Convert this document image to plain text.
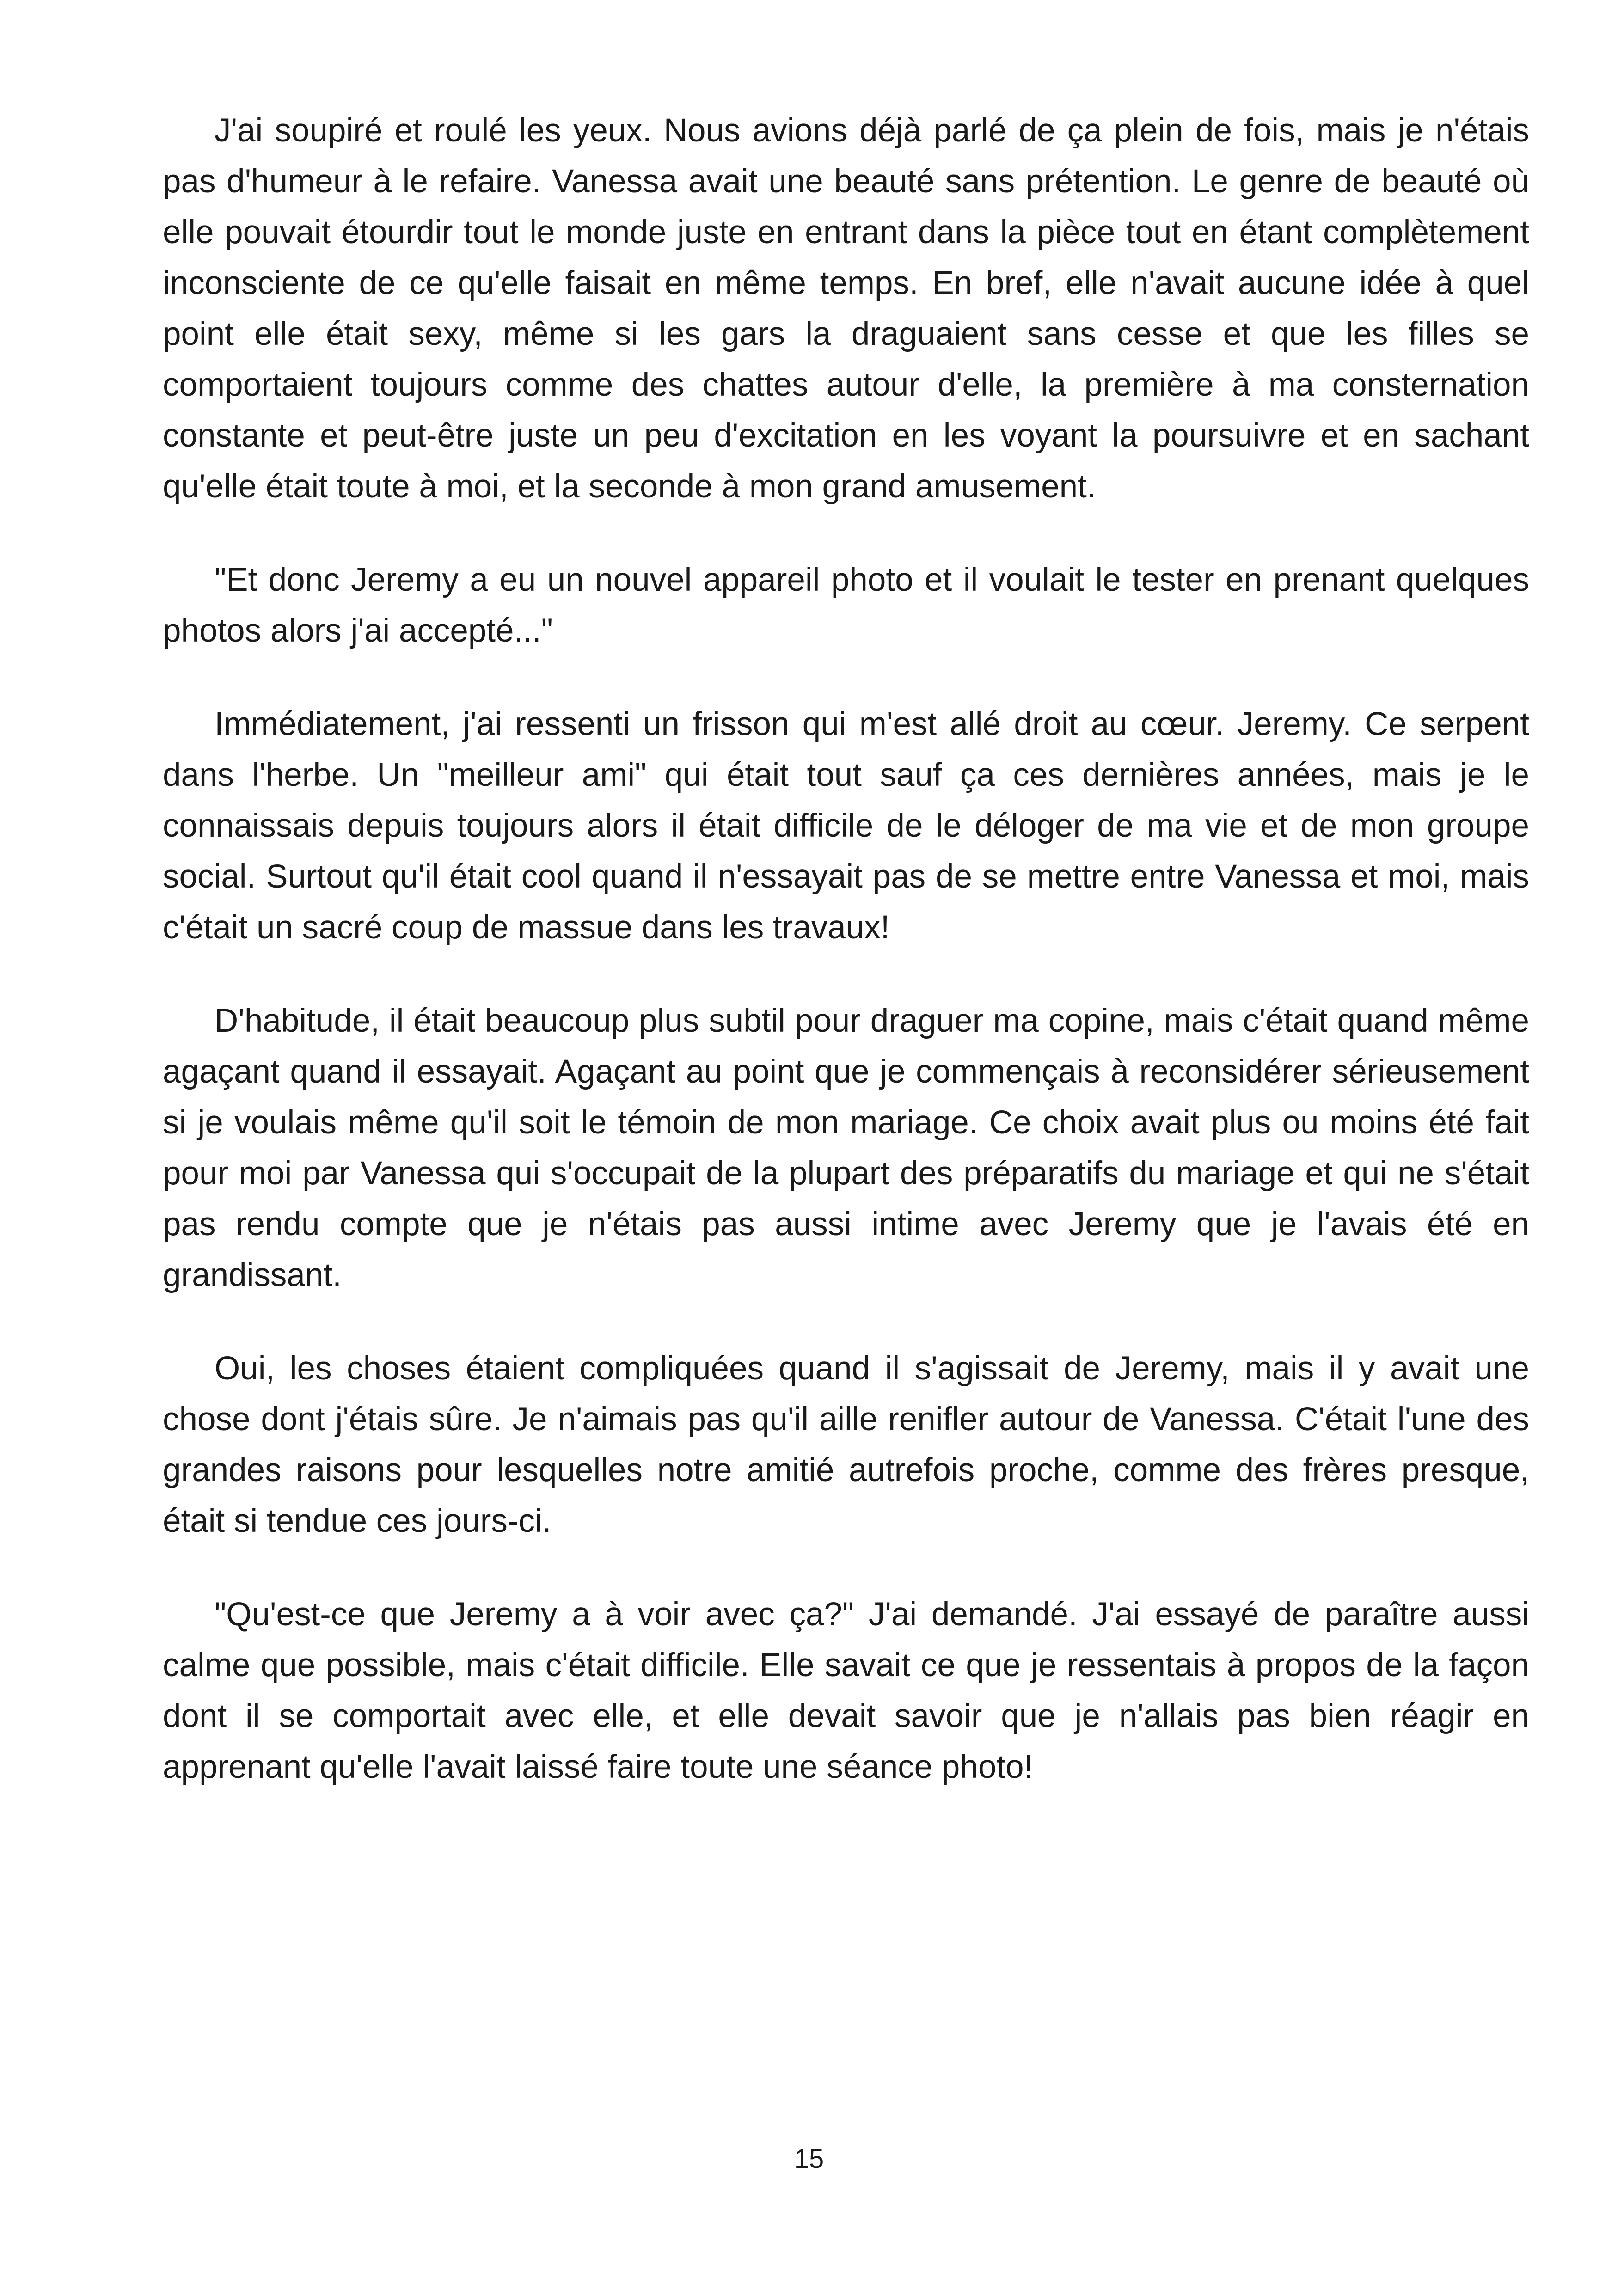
J'ai soupiré et roulé les yeux. Nous avions déjà parlé de ça plein de fois, mais je n'étais pas d'humeur à le refaire. Vanessa avait une beauté sans prétention. Le genre de beauté où elle pouvait étourdir tout le monde juste en entrant dans la pièce tout en étant complètement inconsciente de ce qu'elle faisait en même temps. En bref, elle n'avait aucune idée à quel point elle était sexy, même si les gars la draguaient sans cesse et que les filles se comportaient toujours comme des chattes autour d'elle, la première à ma consternation constante et peut-être juste un peu d'excitation en les voyant la poursuivre et en sachant qu'elle était toute à moi, et la seconde à mon grand amusement.

"Et donc Jeremy a eu un nouvel appareil photo et il voulait le tester en prenant quelques photos alors j'ai accepté..."

Immédiatement, j'ai ressenti un frisson qui m'est allé droit au cœur. Jeremy. Ce serpent dans l'herbe. Un "meilleur ami" qui était tout sauf ça ces dernières années, mais je le connaissais depuis toujours alors il était difficile de le déloger de ma vie et de mon groupe social. Surtout qu'il était cool quand il n'essayait pas de se mettre entre Vanessa et moi, mais c'était un sacré coup de massue dans les travaux!

D'habitude, il était beaucoup plus subtil pour draguer ma copine, mais c'était quand même agaçant quand il essayait. Agaçant au point que je commençais à reconsidérer sérieusement si je voulais même qu'il soit le témoin de mon mariage. Ce choix avait plus ou moins été fait pour moi par Vanessa qui s'occupait de la plupart des préparatifs du mariage et qui ne s'était pas rendu compte que je n'étais pas aussi intime avec Jeremy que je l'avais été en grandissant.

Oui, les choses étaient compliquées quand il s'agissait de Jeremy, mais il y avait une chose dont j'étais sûre. Je n'aimais pas qu'il aille renifler autour de Vanessa. C'était l'une des grandes raisons pour lesquelles notre amitié autrefois proche, comme des frères presque, était si tendue ces jours-ci.

"Qu'est-ce que Jeremy a à voir avec ça?" J'ai demandé. J'ai essayé de paraître aussi calme que possible, mais c'était difficile. Elle savait ce que je ressentais à propos de la façon dont il se comportait avec elle, et elle devait savoir que je n'allais pas bien réagir en apprenant qu'elle l'avait laissé faire toute une séance photo!

15
